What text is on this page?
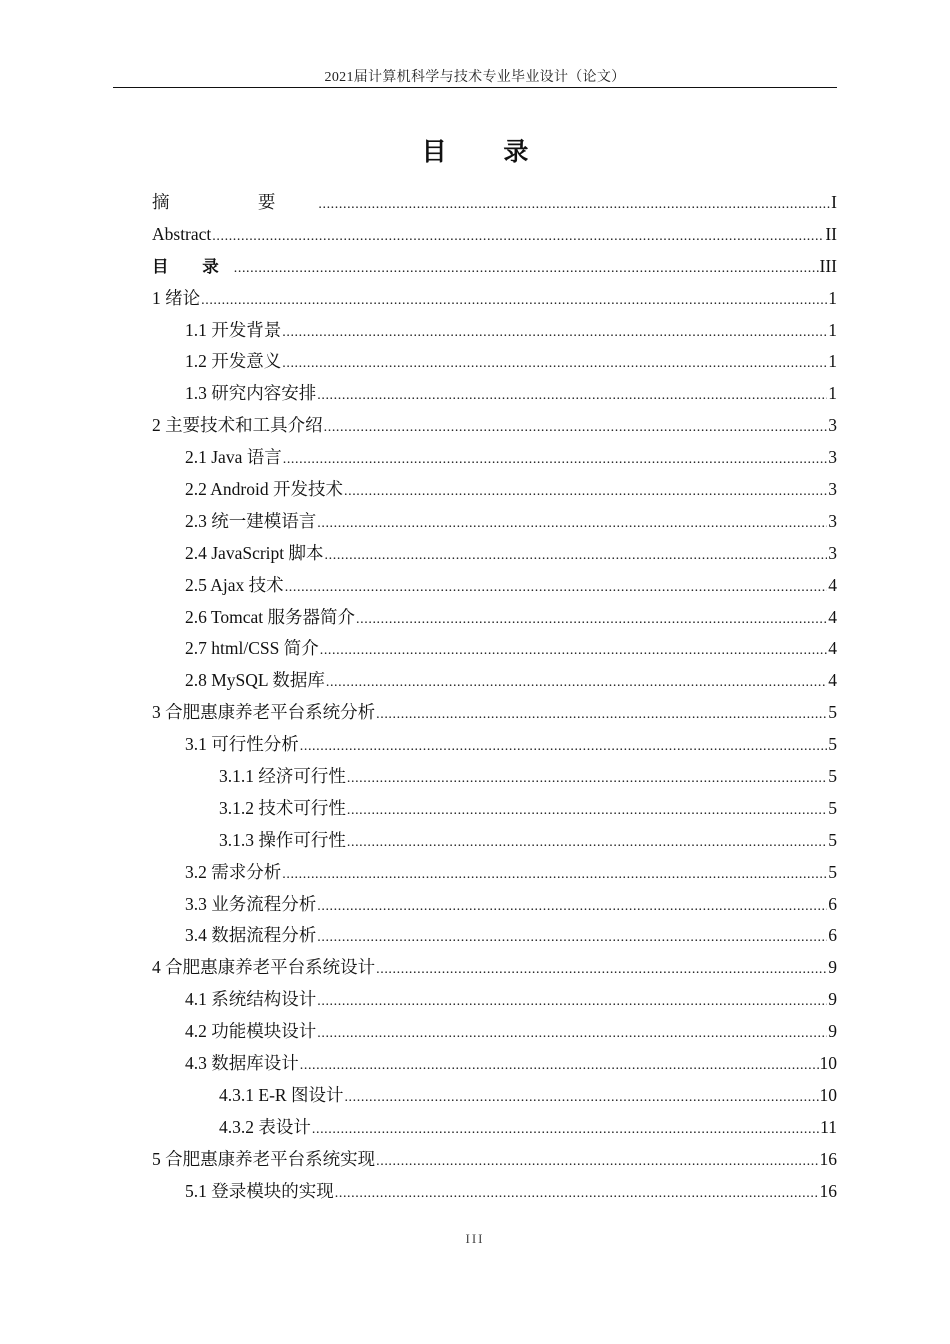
2021届计算机科学与技术专业毕业设计（论文）
目 录
摘 要 .....	I
Abstract .....	II
目 录 .....	III
1 绪论 .....	1
1.1 开发背景 .....	1
1.2 开发意义 .....	1
1.3 研究内容安排 .....	1
2 主要技术和工具介绍 .....	3
2.1 Java 语言 .....	3
2.2 Android 开发技术 .....	3
2.3 统一建模语言 .....	3
2.4 JavaScript 脚本 .....	3
2.5 Ajax 技术 .....	4
2.6 Tomcat 服务器简介 .....	4
2.7 html/CSS 简介 .....	4
2.8 MySQL 数据库 .....	4
3 合肥惠康养老平台系统分析 .....	5
3.1 可行性分析 .....	5
3.1.1 经济可行性 .....	5
3.1.2 技术可行性 .....	5
3.1.3 操作可行性 .....	5
3.2 需求分析 .....	5
3.3 业务流程分析 .....	6
3.4 数据流程分析 .....	6
4 合肥惠康养老平台系统设计 .....	9
4.1 系统结构设计 .....	9
4.2 功能模块设计 .....	9
4.3 数据库设计 .....	10
4.3.1 E-R 图设计 .....	10
4.3.2 表设计 .....	11
5 合肥惠康养老平台系统实现 .....	16
5.1 登录模块的实现 .....	16
III
